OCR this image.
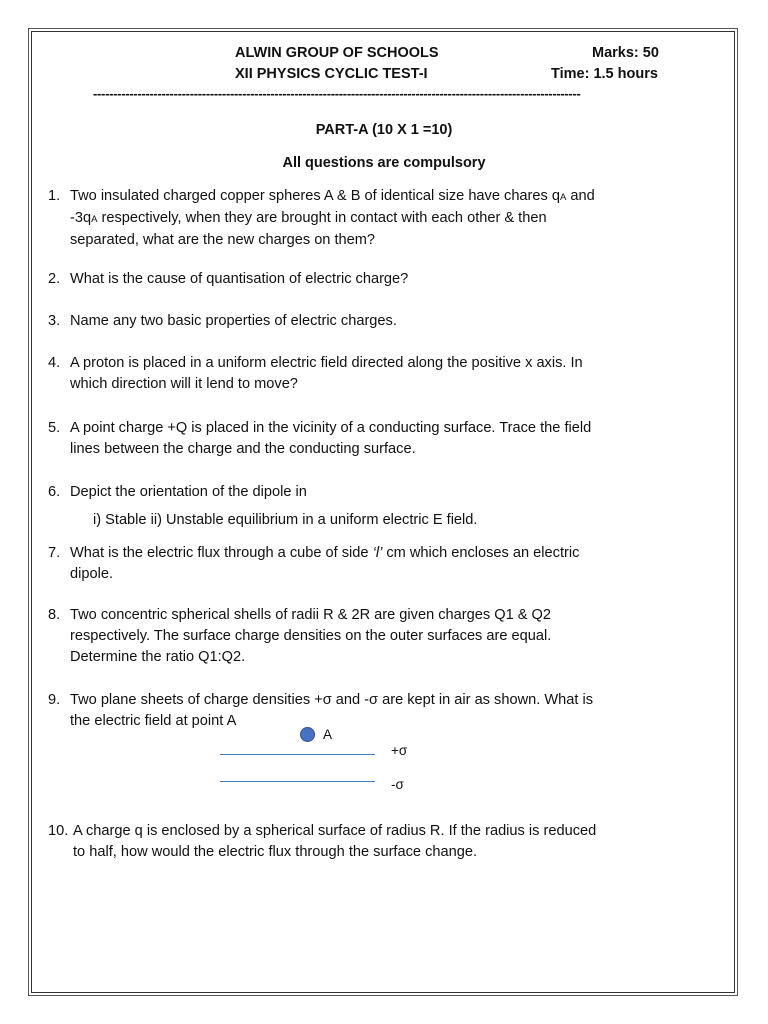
ALWIN GROUP OF SCHOOLS
XII PHYSICS CYCLIC TEST-I
Marks: 50
Time: 1.5 hours
-------------------------------------------------------------------------------------------------------------------------
PART-A (10 X 1 =10)
All questions are compulsory
1. Two insulated charged copper spheres A & B of identical size have chares qA and
-3qA respectively, when they are brought in contact with each other & then
separated, what are the new charges on them?
2. What is the cause of quantisation of electric charge?
3. Name any two basic properties of electric charges.
4. A proton is placed in a uniform electric field directed along the positive x axis. In
which direction will it lend to move?
5. A point charge +Q is placed in the vicinity of a conducting surface. Trace the field
lines between the charge and the conducting surface.
6. Depict the orientation of the dipole in
i) Stable ii) Unstable equilibrium in a uniform electric E field.
7. What is the electric flux through a cube of side ‘l’ cm which encloses an electric
dipole.
8. Two concentric spherical shells of radii R & 2R are given charges Q1 & Q2
respectively. The surface charge densities on the outer surfaces are equal.
Determine the ratio Q1:Q2.
9. Two plane sheets of charge densities +σ and -σ are kept in air as shown. What is
the electric field at point A
A
+σ
-σ
10. A charge q is enclosed by a spherical surface of radius R. If the radius is reduced
to half, how would the electric flux through the surface change.
